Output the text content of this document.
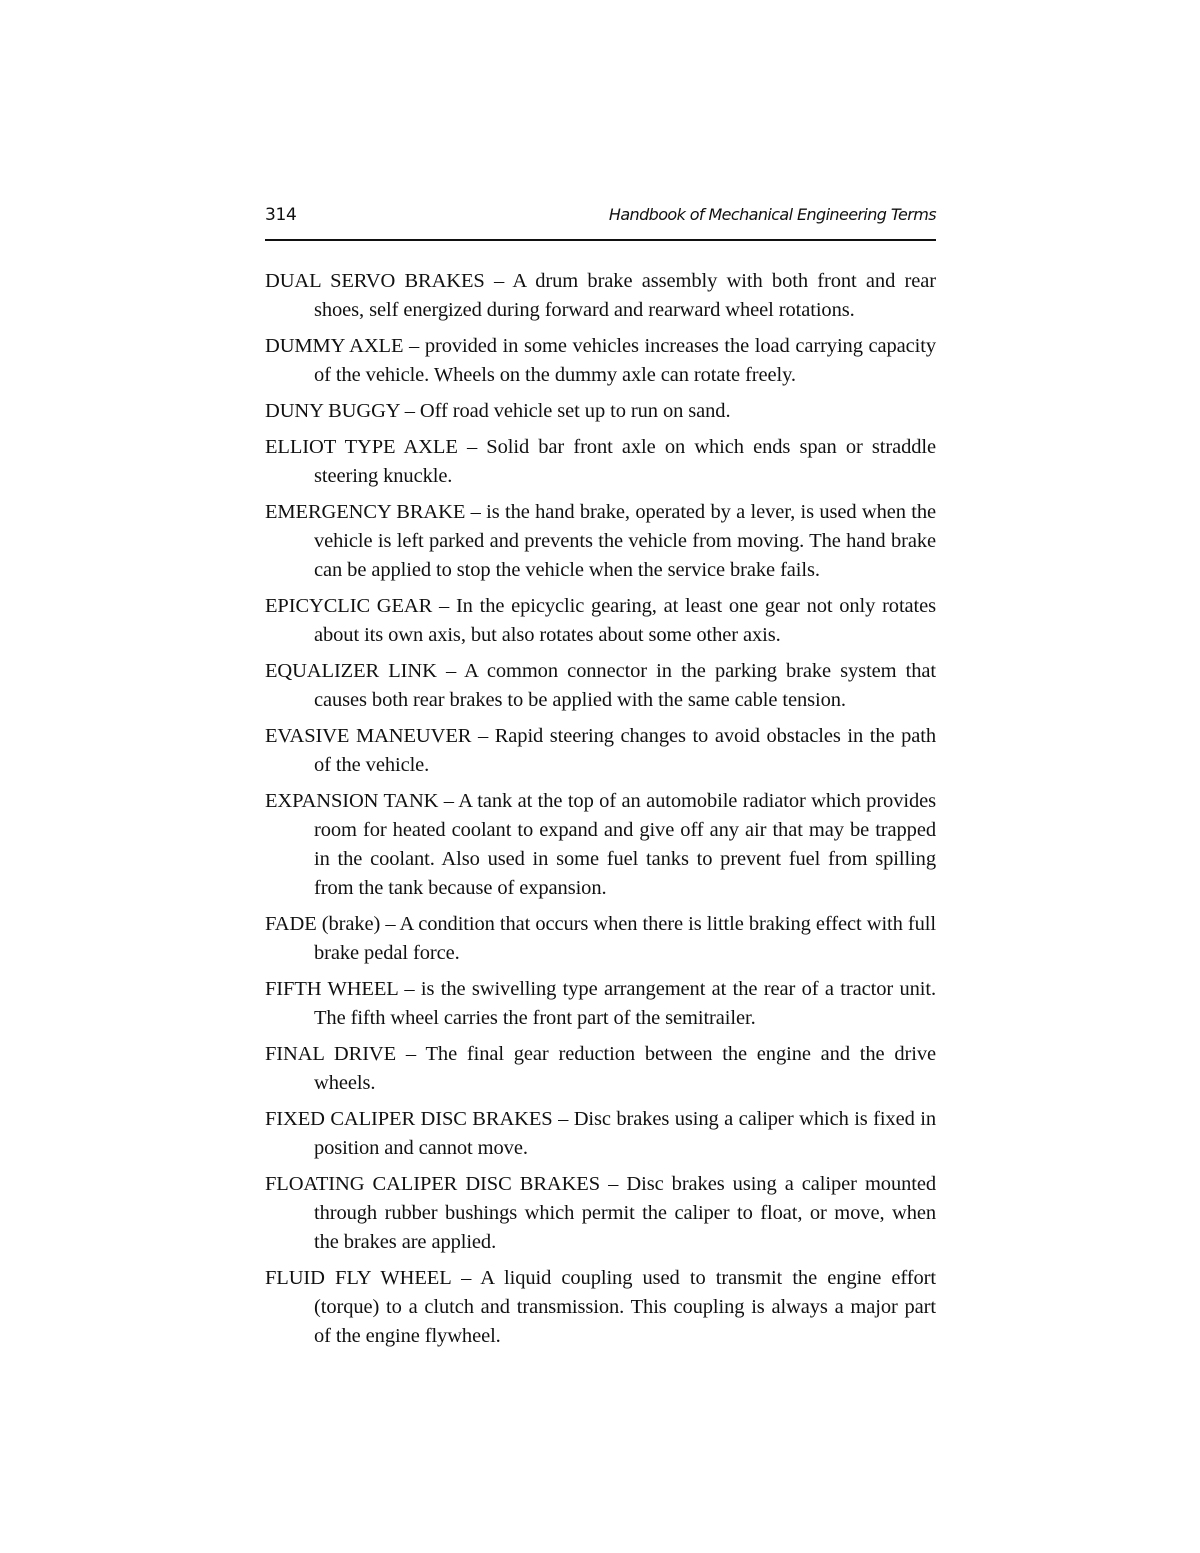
314	Handbook of Mechanical Engineering Terms
DUAL SERVO BRAKES – A drum brake assembly with both front and rear shoes, self energized during forward and rearward wheel rotations.
DUMMY AXLE – provided in some vehicles increases the load carrying capacity of the vehicle. Wheels on the dummy axle can rotate freely.
DUNY BUGGY – Off road vehicle set up to run on sand.
ELLIOT TYPE AXLE – Solid bar front axle on which ends span or straddle steering knuckle.
EMERGENCY BRAKE – is the hand brake, operated by a lever, is used when the vehicle is left parked and prevents the vehicle from moving. The hand brake can be applied to stop the vehicle when the service brake fails.
EPICYCLIC GEAR – In the epicyclic gearing, at least one gear not only rotates about its own axis, but also rotates about some other axis.
EQUALIZER LINK – A common connector in the parking brake system that causes both rear brakes to be applied with the same cable tension.
EVASIVE MANEUVER – Rapid steering changes to avoid obstacles in the path of the vehicle.
EXPANSION TANK – A tank at the top of an automobile radiator which provides room for heated coolant to expand and give off any air that may be trapped in the coolant. Also used in some fuel tanks to prevent fuel from spilling from the tank because of expansion.
FADE (brake) – A condition that occurs when there is little braking effect with full brake pedal force.
FIFTH WHEEL – is the swivelling type arrangement at the rear of a tractor unit. The fifth wheel carries the front part of the semitrailer.
FINAL DRIVE – The final gear reduction between the engine and the drive wheels.
FIXED CALIPER DISC BRAKES – Disc brakes using a caliper which is fixed in position and cannot move.
FLOATING CALIPER DISC BRAKES – Disc brakes using a caliper mounted through rubber bushings which permit the caliper to float, or move, when the brakes are applied.
FLUID FLY WHEEL – A liquid coupling used to transmit the engine effort (torque) to a clutch and transmission. This coupling is always a major part of the engine flywheel.
